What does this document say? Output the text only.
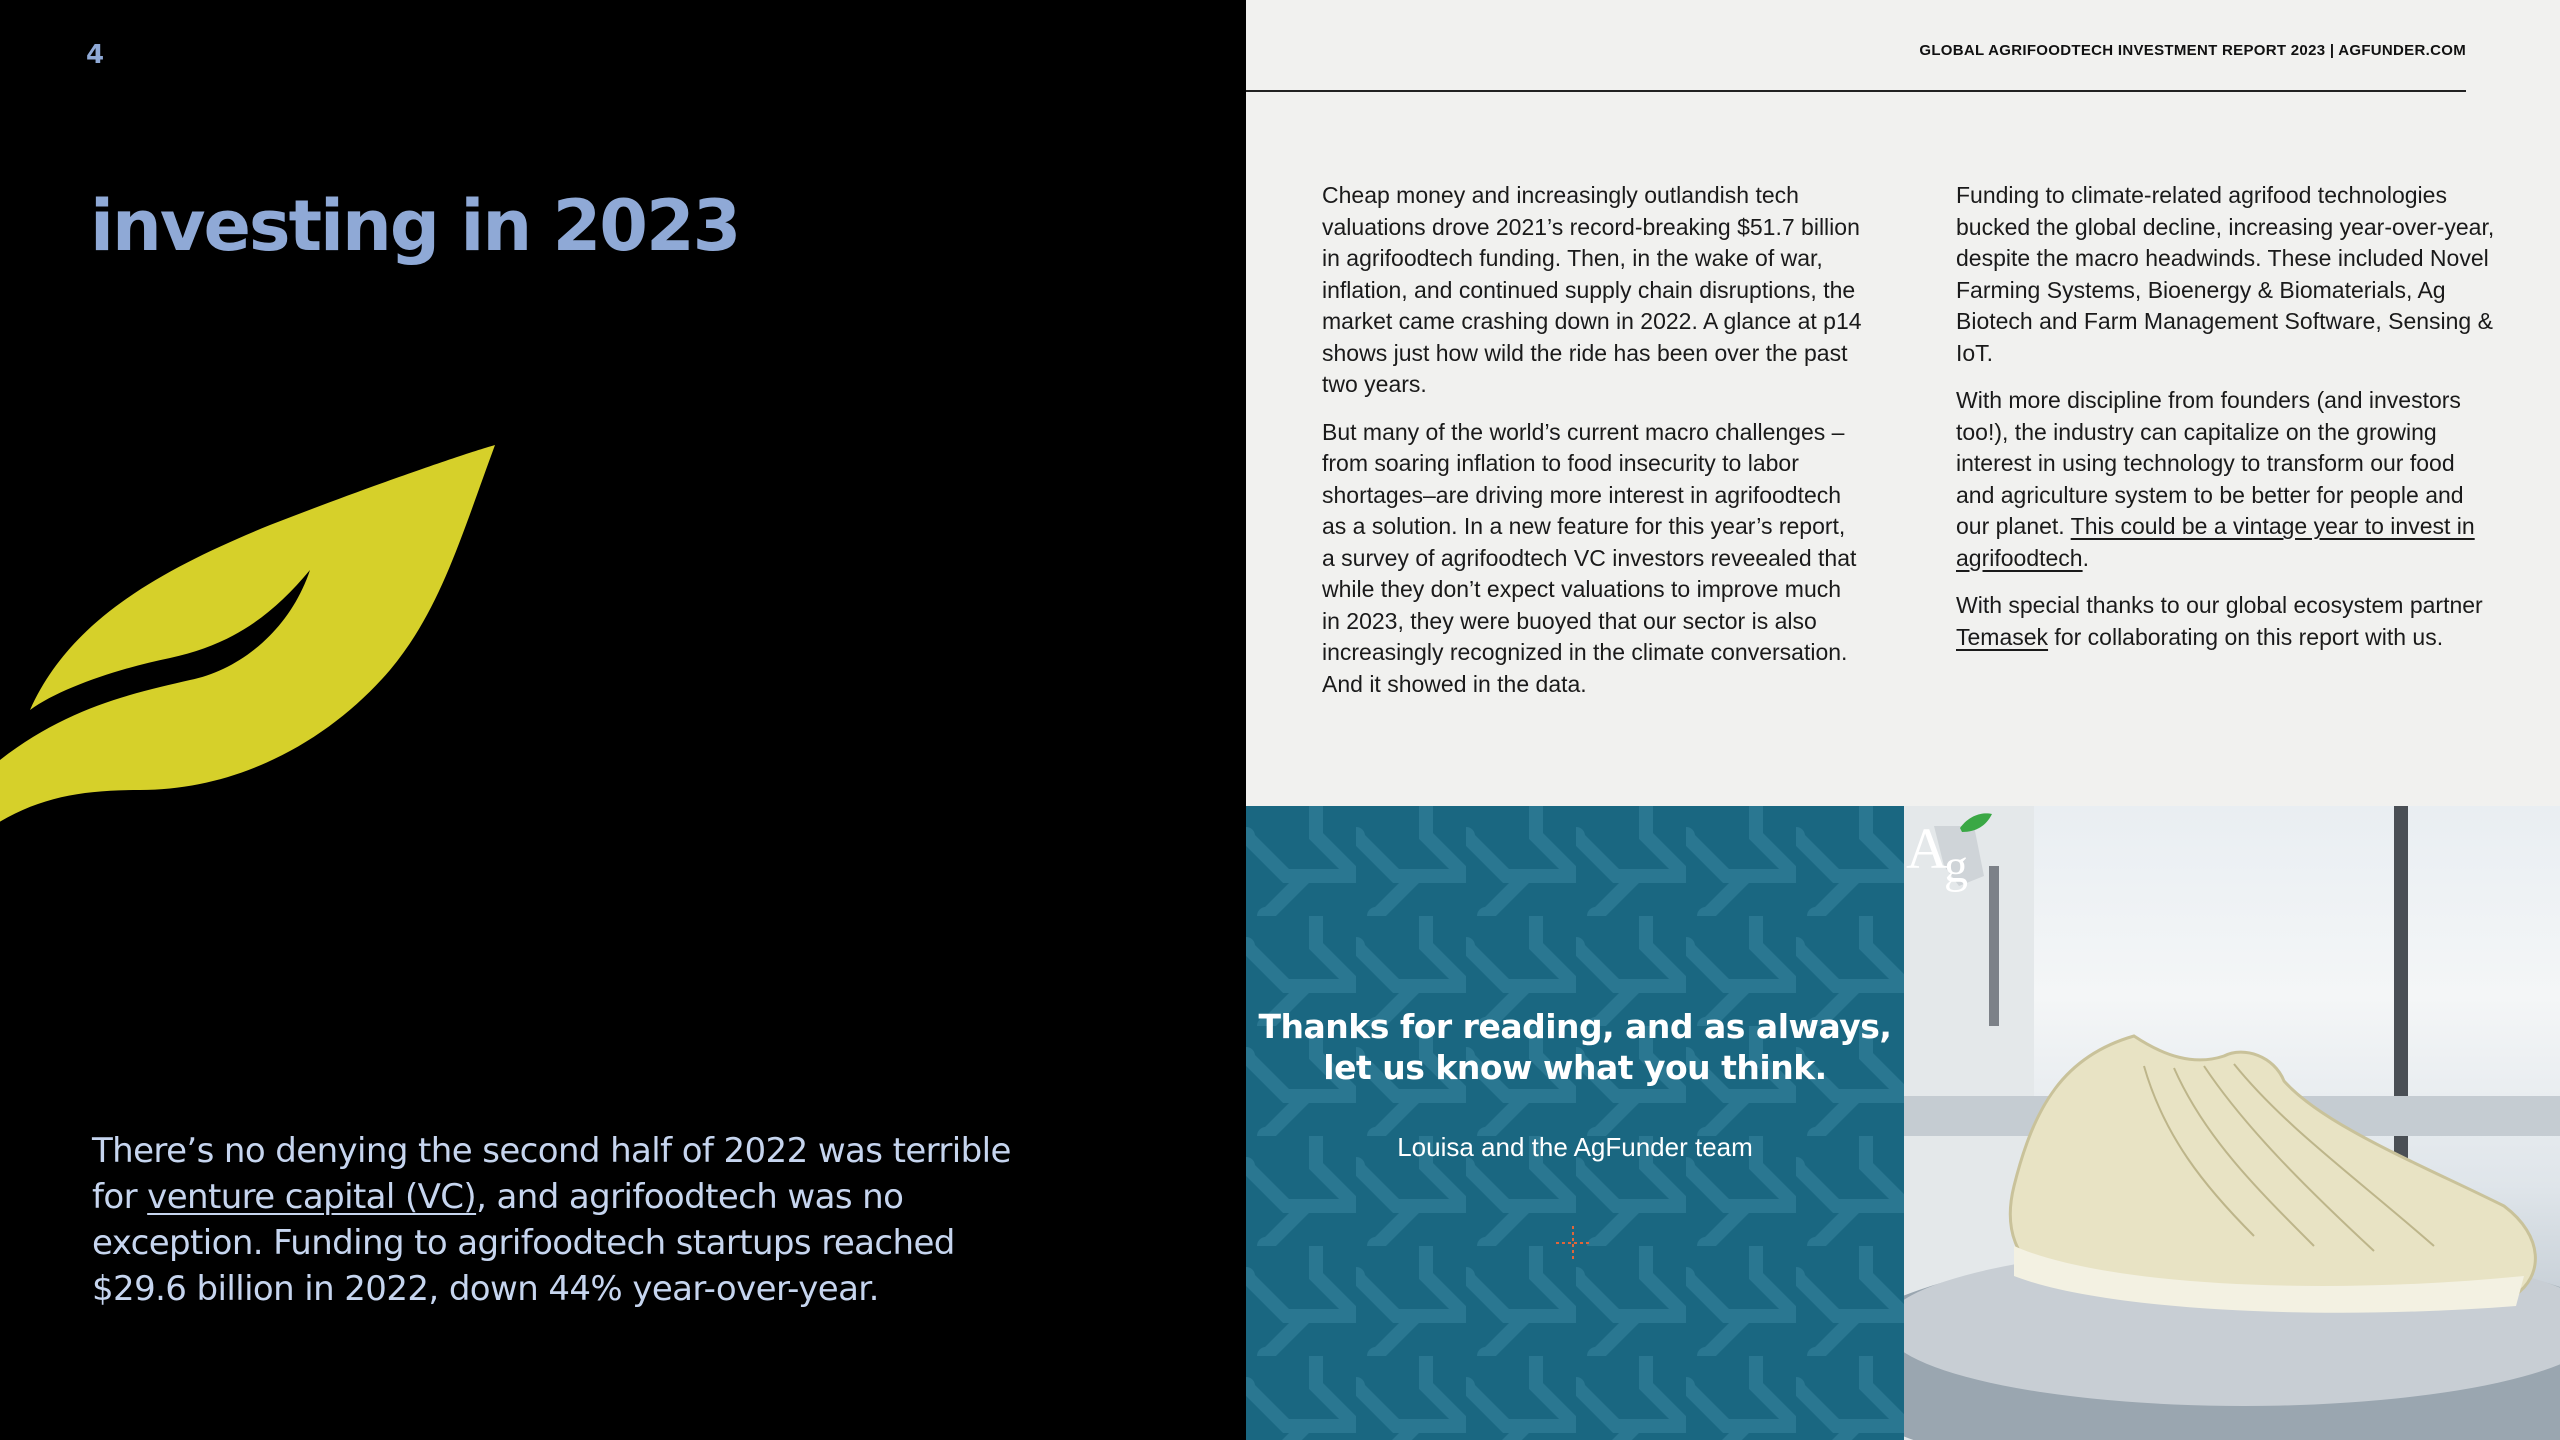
4
investing in 2023

There’s no denying the second half of 2022 was terrible for venture capital (VC), and agrifoodtech was no exception. Funding to agrifoodtech startups reached $29.6 billion in 2022, down 44% year-over-year.

GLOBAL AGRIFOODTECH INVESTMENT REPORT 2023 | AGFUNDER.COM

Cheap money and increasingly outlandish tech valuations drove 2021’s record-breaking $51.7 billion in agrifoodtech funding. Then, in the wake of war, inflation, and continued supply chain disruptions, the market came crashing down in 2022. A glance at p14 shows just how wild the ride has been over the past two years.

But many of the world’s current macro challenges –from soaring inflation to food insecurity to labor shortages–are driving more interest in agrifoodtech as a solution. In a new feature for this year’s report, a survey of agrifoodtech VC investors reveealed that while they don’t expect valuations to improve much in 2023, they were buoyed that our sector is also increasingly recognized in the climate conversation. And it showed in the data.

Funding to climate-related agrifood technologies bucked the global decline, increasing year-over-year, despite the macro headwinds. These included Novel Farming Systems, Bioenergy & Biomaterials, Ag Biotech and Farm Management Software, Sensing & IoT.

With more discipline from founders (and investors too!), the industry can capitalize on the growing interest in using technology to transform our food and agriculture system to be better for people and our planet. This could be a vintage year to invest in agrifoodtech.

With special thanks to our global ecosystem partner Temasek for collaborating on this report with us.

Thanks for reading, and as always, let us know what you think.

Louisa and the AgFunder team

A
g
